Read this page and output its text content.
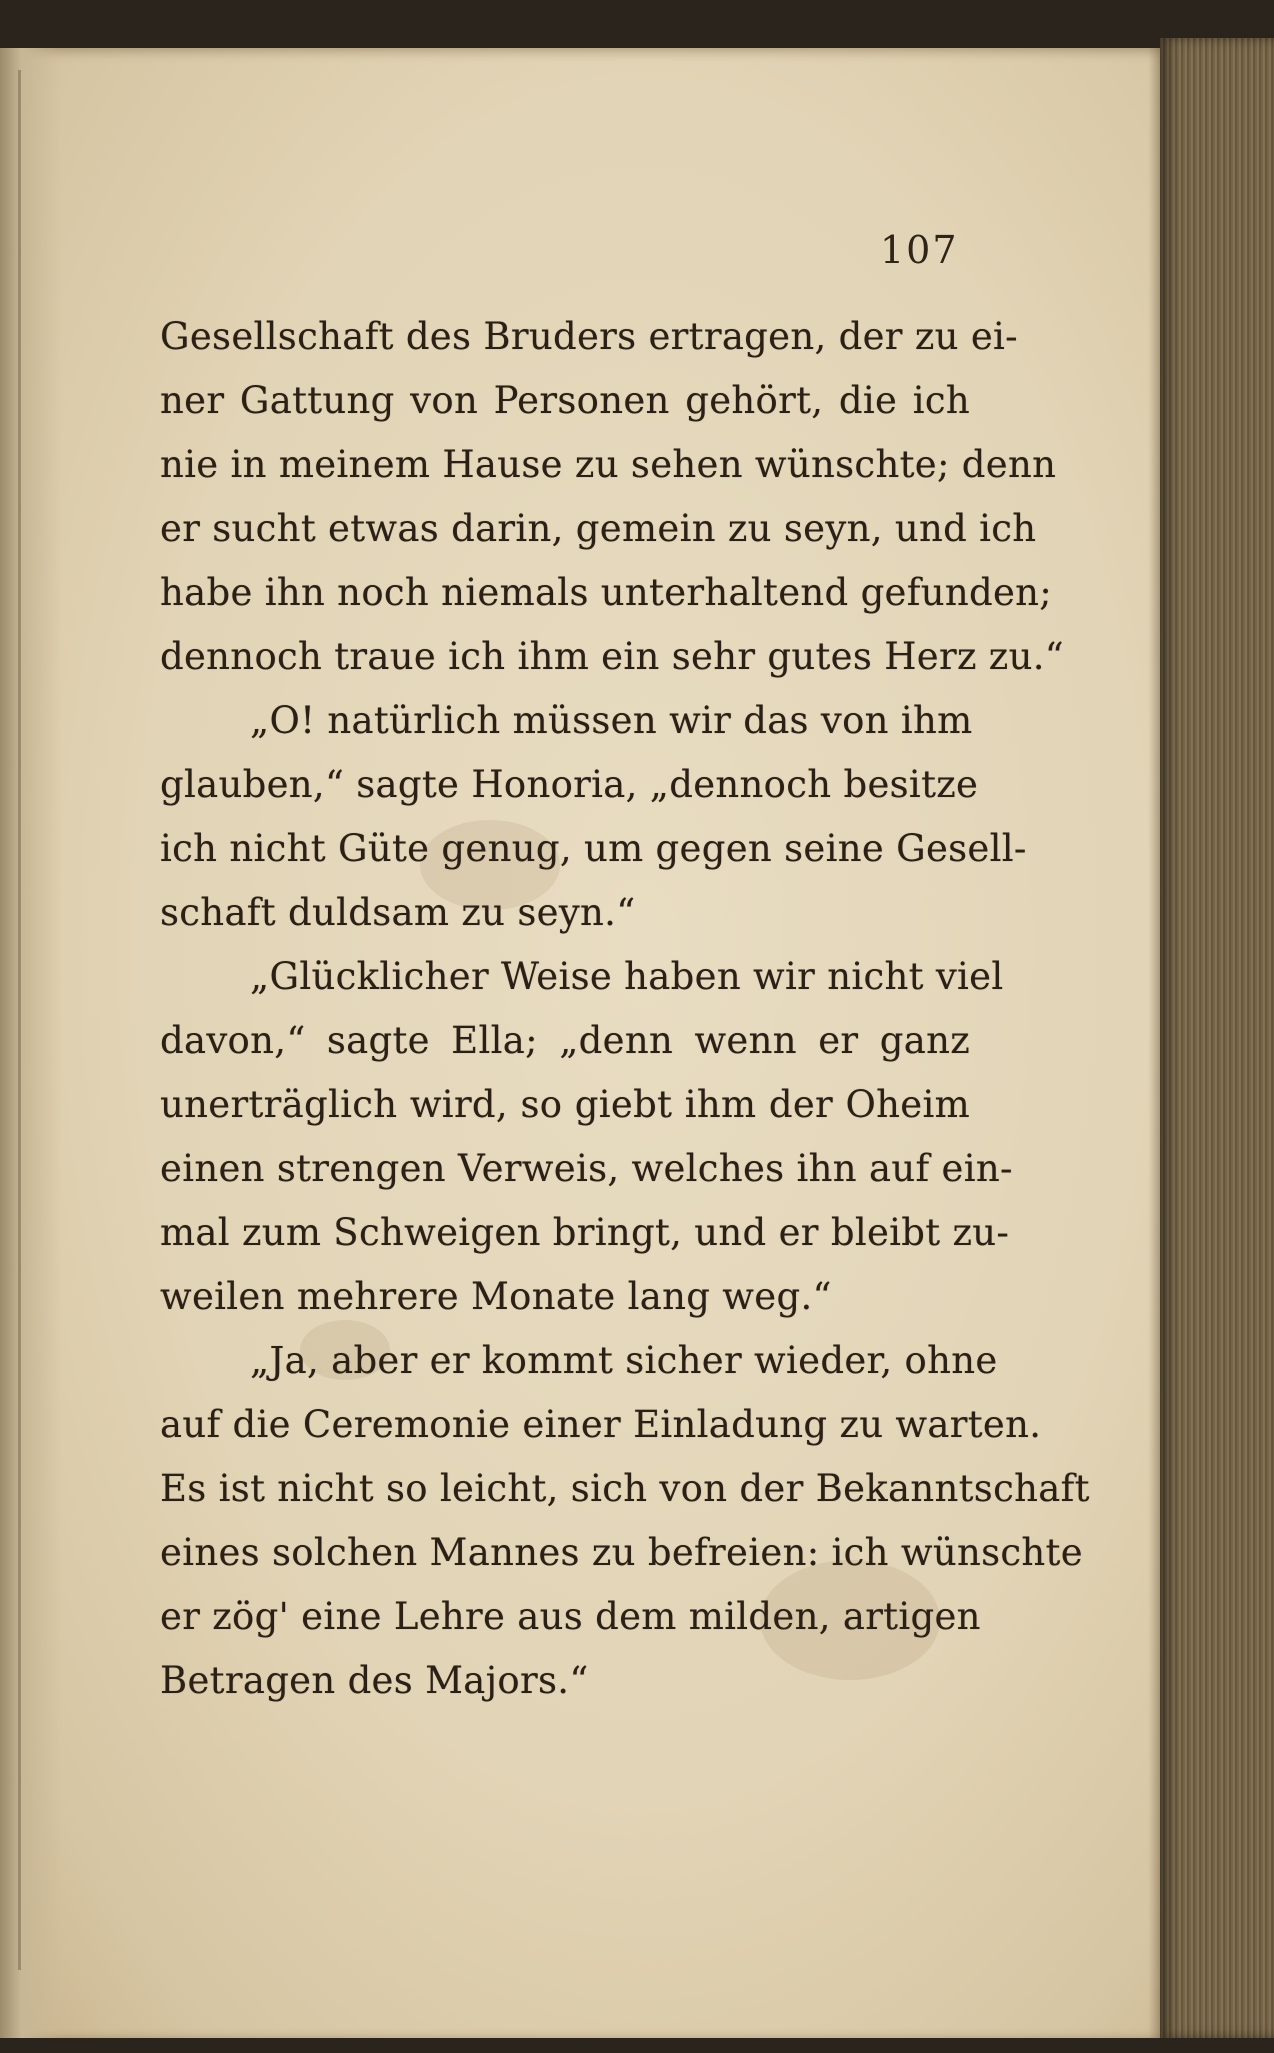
107
Gesellschaft des Bruders ertragen, der zu ei-
ner Gattung von Personen gehört, die ich
nie in meinem Hause zu sehen wünschte; denn
er sucht etwas darin, gemein zu seyn, und ich
habe ihn noch niemals unterhaltend gefunden;
dennoch traue ich ihm ein sehr gutes Herz zu.“
„O! natürlich müssen wir das von ihm
glauben,“ sagte Honoria, „dennoch besitze
ich nicht Güte genug, um gegen seine Gesell-
schaft duldsam zu seyn.“
„Glücklicher Weise haben wir nicht viel
davon,“ sagte Ella; „denn wenn er ganz
unerträglich wird, so giebt ihm der Oheim
einen strengen Verweis, welches ihn auf ein-
mal zum Schweigen bringt, und er bleibt zu-
weilen mehrere Monate lang weg.“
„Ja, aber er kommt sicher wieder, ohne
auf die Ceremonie einer Einladung zu warten.
Es ist nicht so leicht, sich von der Bekanntschaft
eines solchen Mannes zu befreien: ich wünschte
er zög' eine Lehre aus dem milden, artigen
Betragen des Majors.“
